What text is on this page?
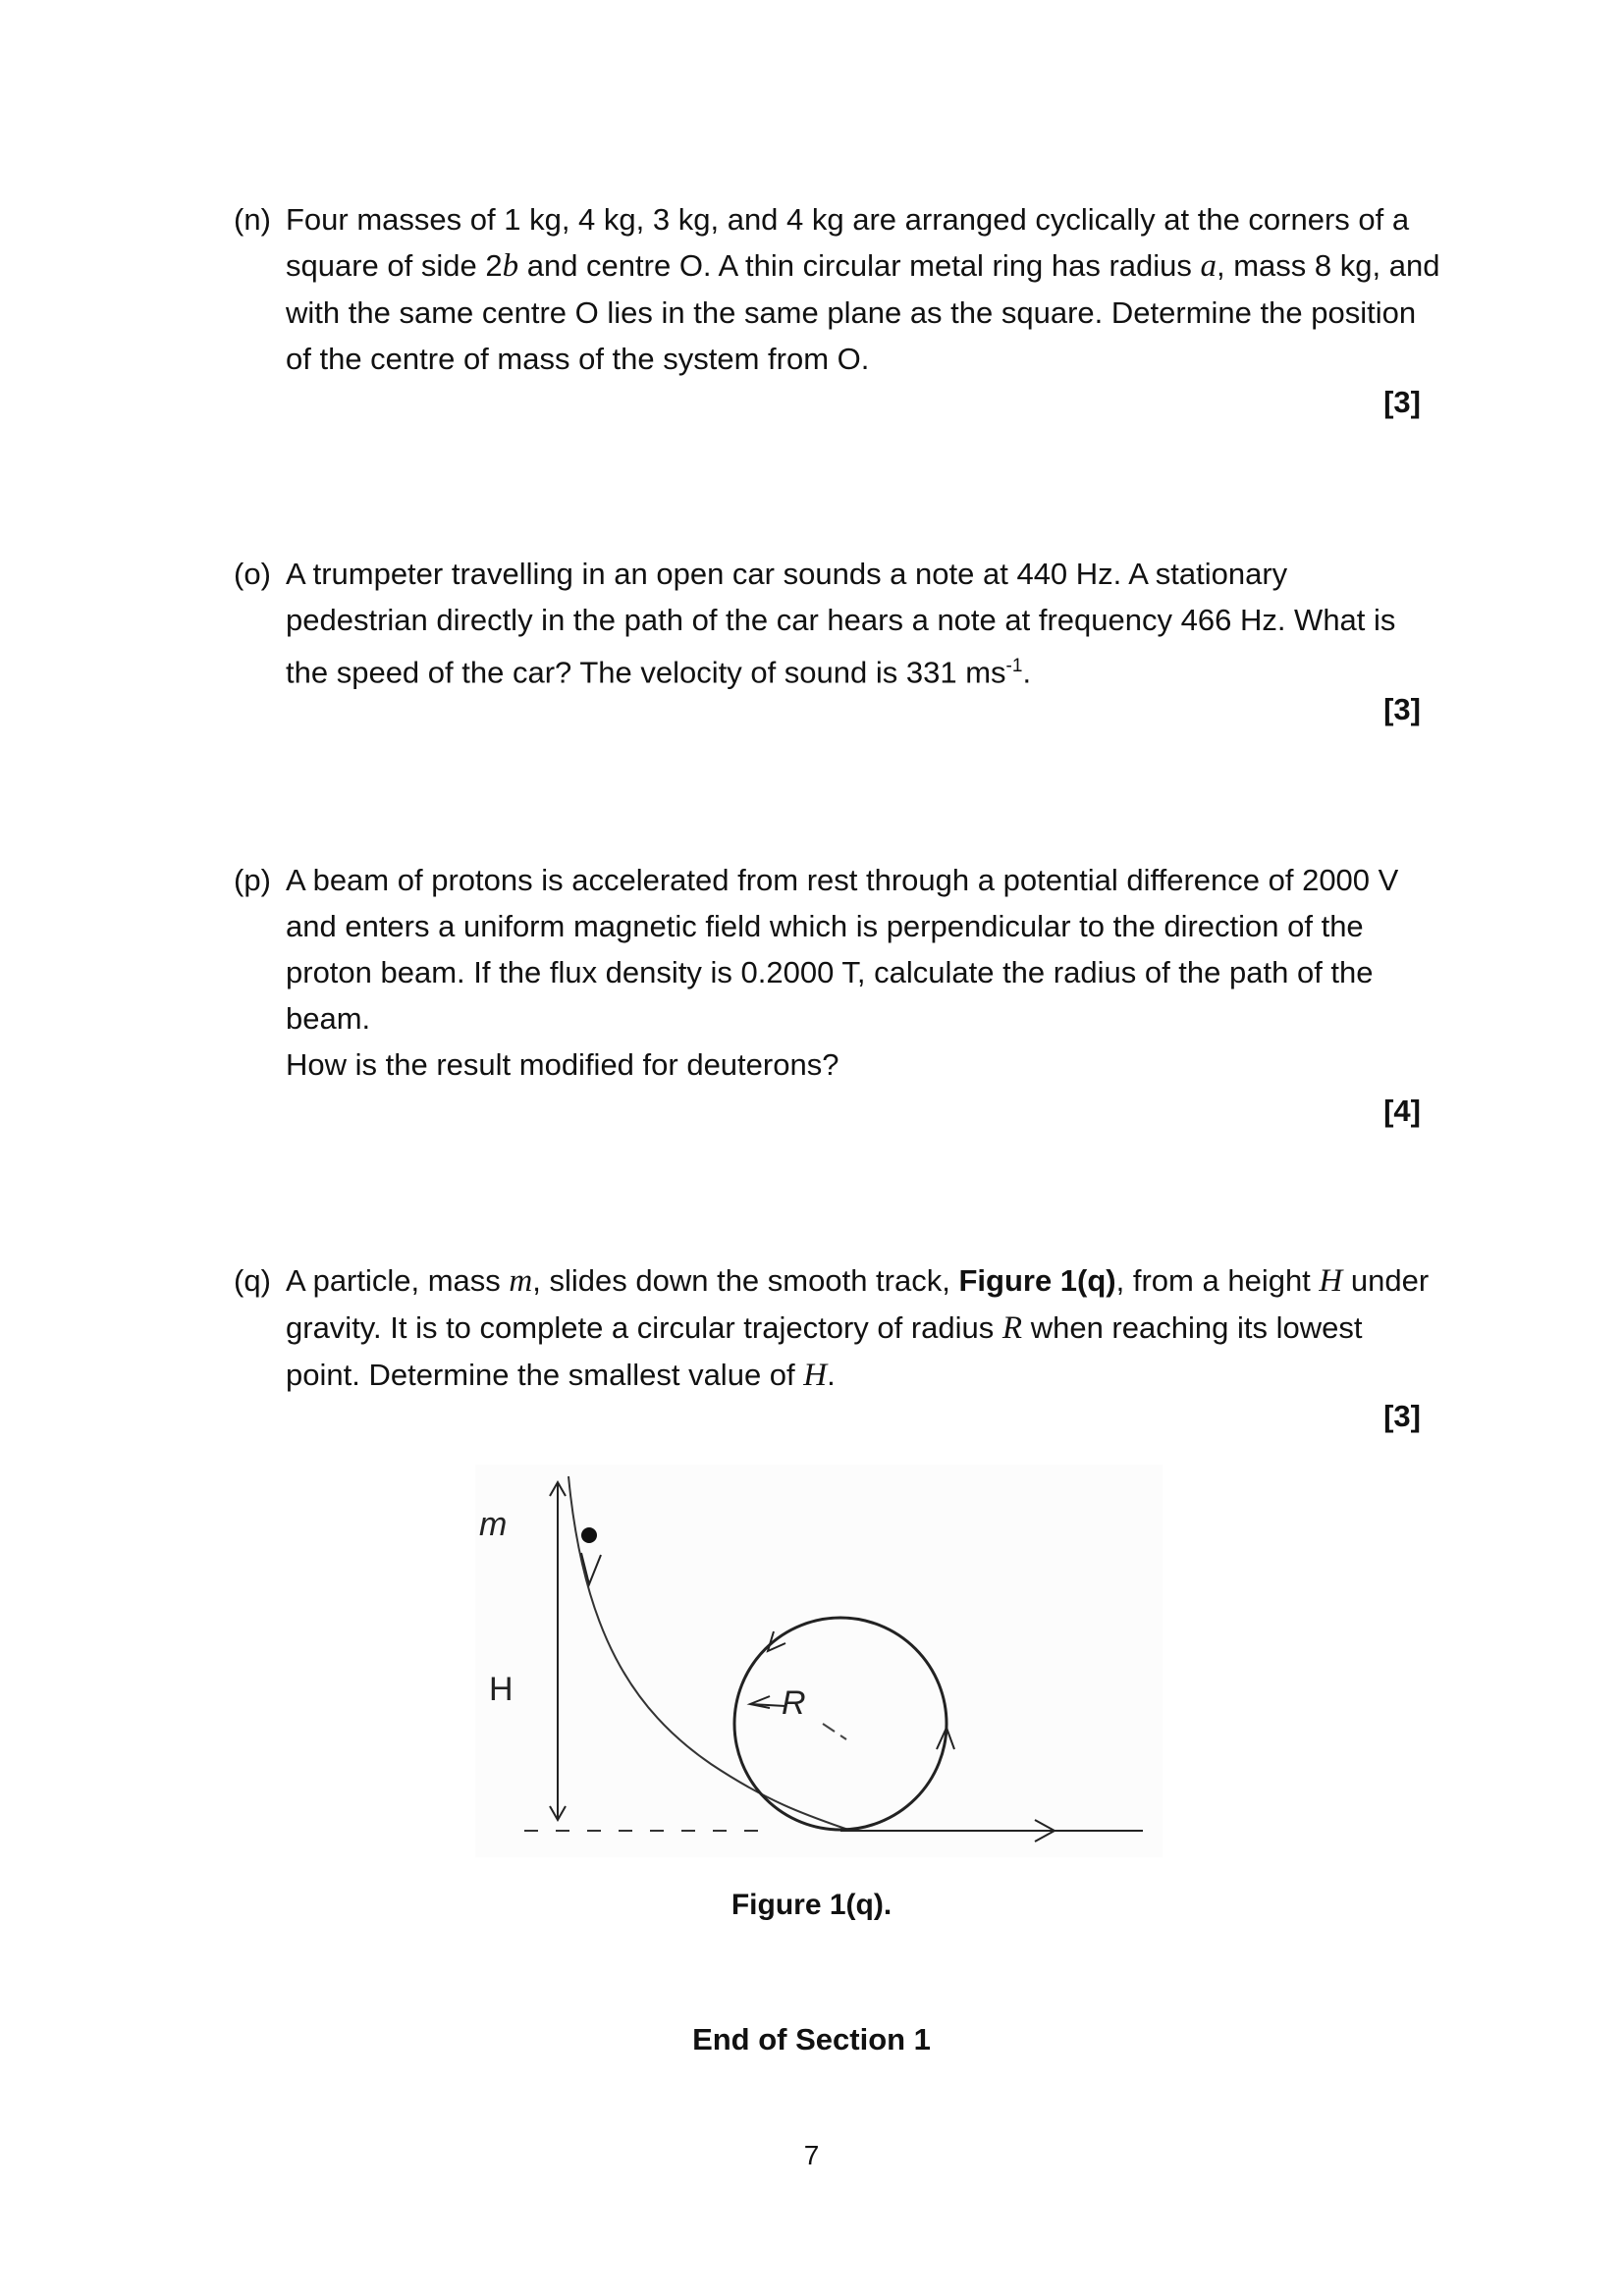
(n) Four masses of 1 kg, 4 kg, 3 kg, and 4 kg are arranged cyclically at the corners of a
square of side 2b and centre O. A thin circular metal ring has radius a, mass 8 kg, and
with the same centre O lies in the same plane as the square. Determine the position
of the centre of mass of the system from O.
[3]
(o) A trumpeter travelling in an open car sounds a note at 440 Hz. A stationary
pedestrian directly in the path of the car hears a note at frequency 466 Hz. What is
the speed of the car? The velocity of sound is 331 $ms^{-1}$.
[3]
(p) A beam of protons is accelerated from rest through a potential difference of 2000 V
and enters a uniform magnetic field which is perpendicular to the direction of the
proton beam. If the flux density is 0.2000 T, calculate the radius of the path of the
beam.
How is the result modified for deuterons?
[4]
(q) A particle, mass m, slides down the smooth track, Figure 1(q), from a height H under
gravity. It is to complete a circular trajectory of radius R when reaching its lowest
point. Determine the smallest value of H.
[3]
m
H	R
Figure 1(q).
End of Section 1
7
